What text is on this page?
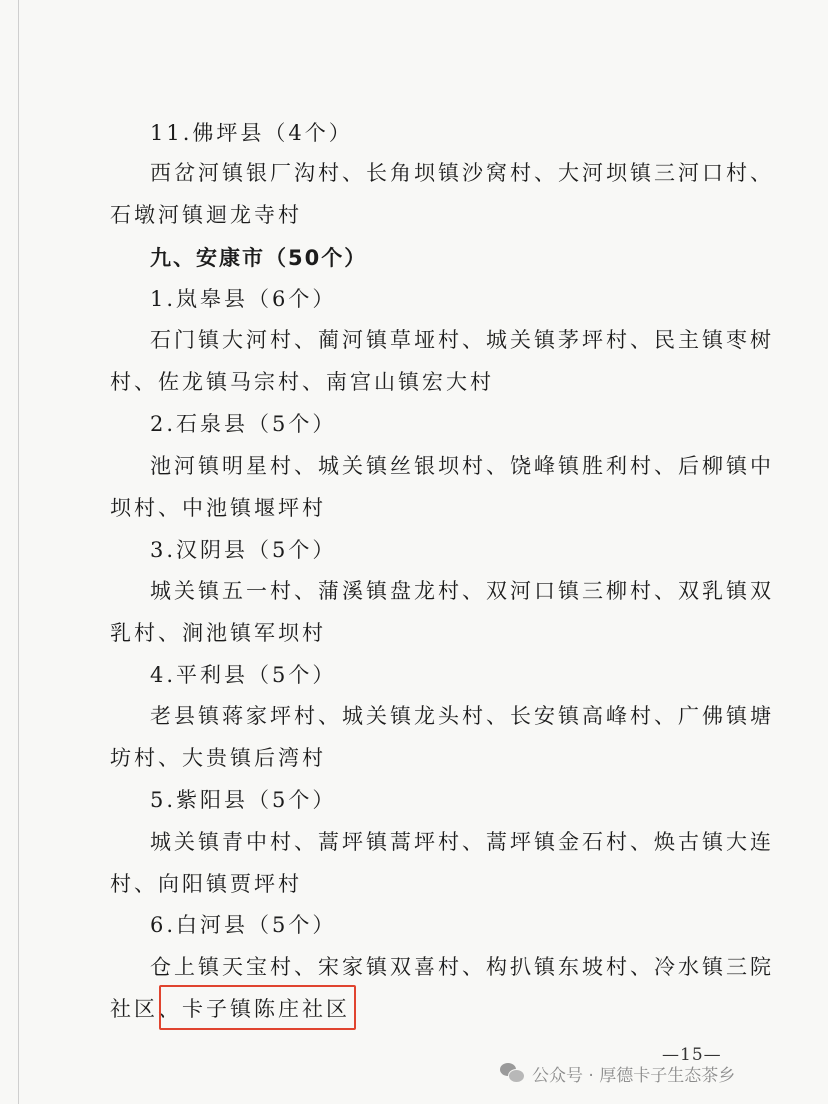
11.佛坪县（4个）
西岔河镇银厂沟村、长角坝镇沙窝村、大河坝镇三河口村、
石墩河镇迴龙寺村
九、安康市（50个）
1.岚皋县（6个）
石门镇大河村、蔺河镇草垭村、城关镇茅坪村、民主镇枣树
村、佐龙镇马宗村、南宫山镇宏大村
2.石泉县（5个）
池河镇明星村、城关镇丝银坝村、饶峰镇胜利村、后柳镇中
坝村、中池镇堰坪村
3.汉阴县（5个）
城关镇五一村、蒲溪镇盘龙村、双河口镇三柳村、双乳镇双
乳村、涧池镇军坝村
4.平利县（5个）
老县镇蒋家坪村、城关镇龙头村、长安镇高峰村、广佛镇塘
坊村、大贵镇后湾村
5.紫阳县（5个）
城关镇青中村、蒿坪镇蒿坪村、蒿坪镇金石村、焕古镇大连
村、向阳镇贾坪村
6.白河县（5个）
仓上镇天宝村、宋家镇双喜村、构扒镇东坡村、冷水镇三院
社区、卡子镇陈庄社区
—15—
公众号 · 厚德卡子生态茶乡
